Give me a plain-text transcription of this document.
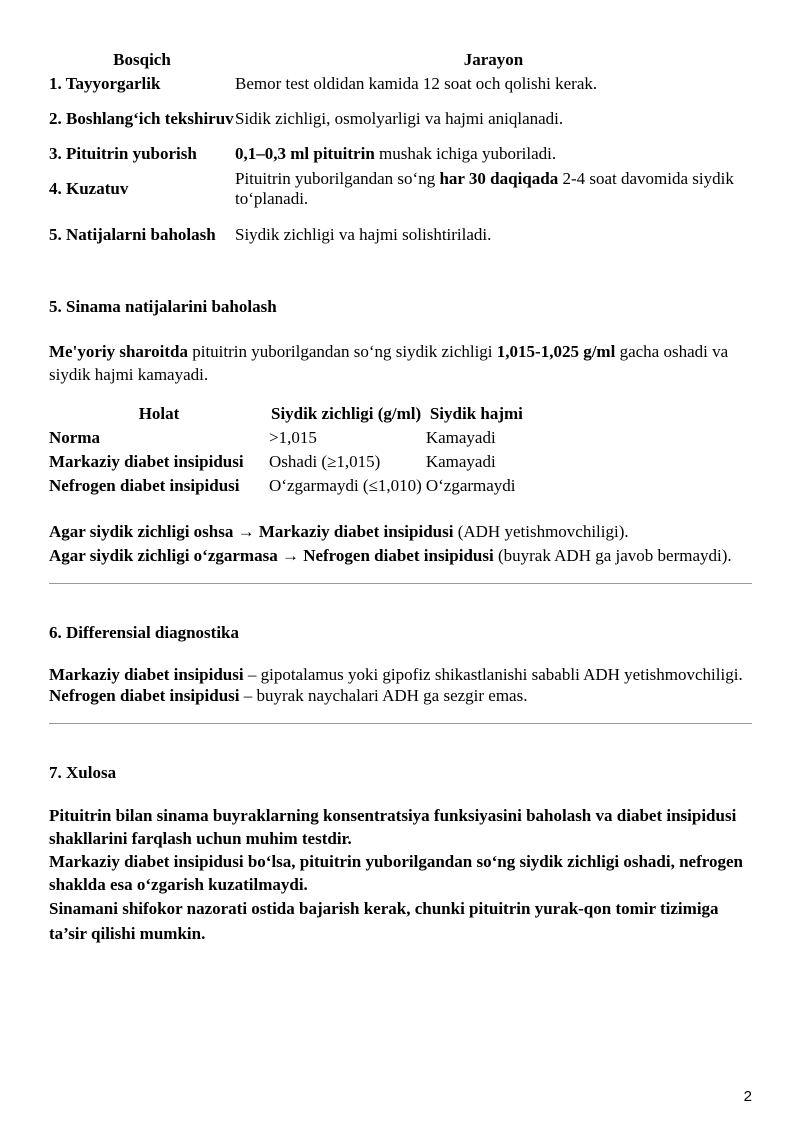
Bosqich	Jarayon
1. Tayyorgarlik	Bemor test oldidan kamida 12 soat och qolishi kerak.
2. Boshlang‘ich tekshiruv	Sidik zichligi, osmolyarligi va hajmi aniqlanadi.
3. Pituitrin yuborish	0,1–0,3 ml pituitrin mushak ichiga yuboriladi.
4. Kuzatuv	Pituitrin yuborilgandan so‘ng har 30 daqiqada 2-4 soat davomida siydik to‘planadi.
5. Natijalarni baholash	Siydik zichligi va hajmi solishtiriladi.
5. Sinama natijalarini baholash

Me'yoriy sharoitda pituitrin yuborilgandan so‘ng siydik zichligi 1,015-1,025 g/ml gacha oshadi va siydik hajmi kamayadi.

Holat	Siydik zichligi (g/ml)	Siydik hajmi
Norma	>1,015	Kamayadi
Markaziy diabet insipidusi	Oshadi (≥1,015)	Kamayadi
Nefrogen diabet insipidusi	O‘zgarmaydi (≤1,010)	O‘zgarmaydi

Agar siydik zichligi oshsa → Markaziy diabet insipidusi (ADH yetishmovchiligi).

Agar siydik zichligi o‘zgarmasa → Nefrogen diabet insipidusi (buyrak ADH ga javob bermaydi).

6. Differensial diagnostika

Markaziy diabet insipidusi – gipotalamus yoki gipofiz shikastlanishi sababli ADH yetishmovchiligi.

Nefrogen diabet insipidusi – buyrak naychalari ADH ga sezgir emas.

7. Xulosa

Pituitrin bilan sinama buyraklarning konsentratsiya funksiyasini baholash va diabet insipidusi shakllarini farqlash uchun muhim testdir.

Markaziy diabet insipidusi bo‘lsa, pituitrin yuborilgandan so‘ng siydik zichligi oshadi, nefrogen shaklda esa o‘zgarish kuzatilmaydi.

Sinamani shifokor nazorati ostida bajarish kerak, chunki pituitrin yurak-qon tomir tizimiga ta’sir qilishi mumkin.

2
